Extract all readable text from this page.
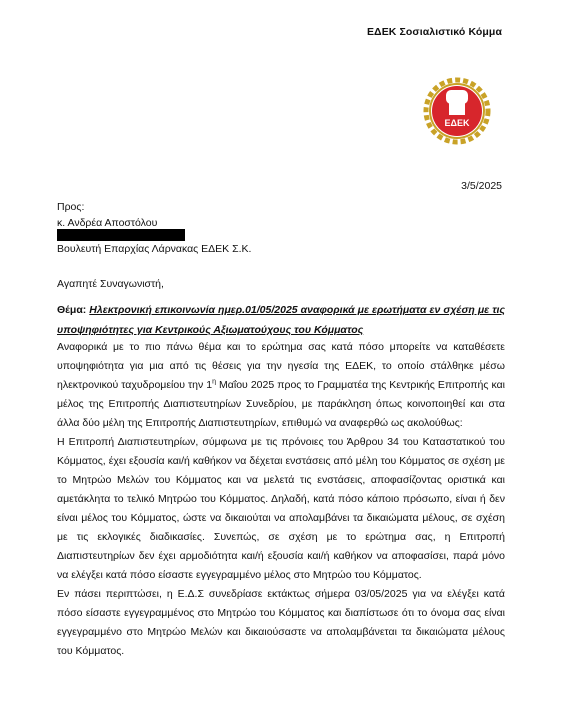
ΕΔΕΚ Σοσιαλιστικό Κόμμα
ΕΔΕΚ
3/5/2025
Προς:
κ. Ανδρέα Αποστόλου
Βουλευτή Επαρχίας Λάρνακας ΕΔΕΚ Σ.Κ.
Αγαπητέ Συναγωνιστή,
Θέμα: Ηλεκτρονική επικοινωνία ημερ.01/05/2025 αναφορικά με ερωτήματα εν σχέση με τις υποψηφιότητες για Κεντρικούς Αξιωματούχους του Κόμματος

Αναφορικά με το πιο πάνω θέμα και το ερώτημα σας κατά πόσο μπορείτε να καταθέσετε υποψηφιότητα για μια από τις θέσεις για την ηγεσία της ΕΔΕΚ, το οποίο στάλθηκε μέσω ηλεκτρονικού ταχυδρομείου την $1^\eta$ Μαΐου 2025 προς το Γραμματέα της Κεντρικής Επιτροπής και μέλος της Επιτροπής Διαπιστευτηρίων Συνεδρίου, με παράκληση όπως κοινοποιηθεί και στα άλλα δύο μέλη της Επιτροπής Διαπιστευτηρίων, επιθυμώ να αναφερθώ ως ακολούθως:

Η Επιτροπή Διαπιστευτηρίων, σύμφωνα με τις πρόνοιες του Άρθρου 34 του Καταστατικού του Κόμματος, έχει εξουσία και/ή καθήκον να δέχεται ενστάσεις από μέλη του Κόμματος σε σχέση με το Μητρώο Μελών του Κόμματος και να μελετά τις ενστάσεις, αποφασίζοντας οριστικά και αμετάκλητα το τελικό Μητρώο του Κόμματος. Δηλαδή, κατά πόσο κάποιο πρόσωπο, είναι ή δεν είναι μέλος του Κόμματος, ώστε να δικαιούται να απολαμβάνει τα δικαιώματα μέλους, σε σχέση με τις εκλογικές διαδικασίες. Συνεπώς, σε σχέση με το ερώτημα σας, η Επιτροπή Διαπιστευτηρίων δεν έχει αρμοδιότητα και/ή εξουσία και/ή καθήκον να αποφασίσει, παρά μόνο να ελέγξει κατά πόσο είσαστε εγγεγραμμένο μέλος στο Μητρώο του Κόμματος.

Εν πάσει περιπτώσει, η Ε.Δ.Σ συνεδρίασε εκτάκτως σήμερα 03/05/2025 για να ελέγξει κατά πόσο είσαστε εγγεγραμμένος στο Μητρώο του Κόμματος και διαπίστωσε ότι το όνομα σας είναι εγγεγραμμένο στο Μητρώο Μελών και δικαιούσαστε να απολαμβάνεται τα δικαιώματα μέλους του Κόμματος.
